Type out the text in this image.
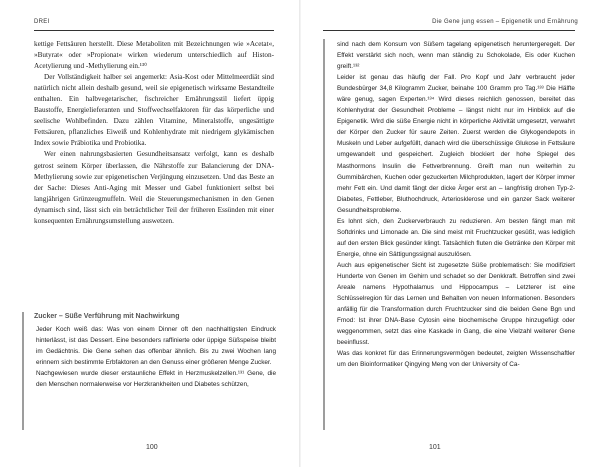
DREI

kettige Fettsäuren herstellt. Diese Metaboliten mit Bezeichnungen wie »Acetat«, »Butyrat« oder »Propionat« wirken wiederum unterschiedlich auf Histon-Acetylierung und -Methylierung ein.¹³⁰

Der Vollständigkeit halber sei angemerkt: Asia-Kost oder Mittelmeerdiät sind natürlich nicht allein deshalb gesund, weil sie epigenetisch wirksame Bestandteile enthalten. Ein halbvegetarischer, fischreicher Ernährungsstil liefert üppig Baustoffe, Energielieferanten und Stoffwechselfaktoren für das körperliche und seelische Wohlbefinden. Dazu zählen Vitamine, Mineralstoffe, ungesättigte Fettsäuren, pflanzliches Eiweiß und Kohlenhydrate mit niedrigem glykämischen Index sowie Präbiotika und Probiotika.

Wer einen nahrungsbasierten Gesundheitsansatz verfolgt, kann es deshalb getrost seinem Körper überlassen, die Nährstoffe zur Balancierung der DNA-Methylierung sowie zur epigenetischen Verjüngung einzusetzen. Und das Beste an der Sache: Dieses Anti-Aging mit Messer und Gabel funktioniert selbst bei langjährigen Grünzeugmuffeln. Weil die Steuerungsmechanismen in den Genen dynamisch sind, lässt sich ein beträchtlicher Teil der früheren Essünden mit einer konsequenten Ernährungsumstellung auswetzen.

Zucker – Süße Verführung mit Nachwirkung

Jeder Koch weiß das: Was von einem Dinner oft den nachhaltigsten Eindruck hinterlässt, ist das Dessert. Eine besonders raffinierte oder üppige Süßspeise bleibt im Gedächtnis. Die Gene sehen das offenbar ähnlich. Bis zu zwei Wochen lang erinnern sich bestimmte Erbfaktoren an den Genuss einer größeren Menge Zucker.

Nachgewiesen wurde dieser erstaunliche Effekt in Herzmuskelzellen.¹³¹ Gene, die den Menschen normalerweise vor Herzkrankheiten und Diabetes schützen,

100
Die Gene jung essen – Epigenetik und Ernährung

sind nach dem Konsum von Süßem tagelang epigenetisch heruntergeregelt. Der Effekt verstärkt sich noch, wenn man ständig zu Schokolade, Eis oder Kuchen greift.¹³²

Leider ist genau das häufig der Fall. Pro Kopf und Jahr verbraucht jeder Bundesbürger 34,8 Kilogramm Zucker, beinahe 100 Gramm pro Tag.¹³³ Die Hälfte wäre genug, sagen Experten.¹³⁴ Wird dieses reichlich genossen, bereitet das Kohlenhydrat der Gesundheit Probleme – längst nicht nur im Hinblick auf die Epigenetik. Wird die süße Energie nicht in körperliche Aktivität umgesetzt, verwahrt der Körper den Zucker für saure Zeiten. Zuerst werden die Glykogendepots in Muskeln und Leber aufgefüllt, danach wird die überschüssige Glukose in Fettsäure umgewandelt und gespeichert. Zugleich blockiert der hohe Spiegel des Masthormons Insulin die Fettverbrennung. Greift man nun weiterhin zu Gummibärchen, Kuchen oder gezuckerten Milchprodukten, lagert der Körper immer mehr Fett ein. Und damit fängt der dicke Ärger erst an – langfristig drohen Typ-2-Diabetes, Fettleber, Bluthochdruck, Arteriosklerose und ein ganzer Sack weiterer Gesundheitsprobleme.

Es lohnt sich, den Zuckerverbrauch zu reduzieren. Am besten fängt man mit Softdrinks und Limonade an. Die sind meist mit Fruchtzucker gesüßt, was lediglich auf den ersten Blick gesünder klingt. Tatsächlich fluten die Getränke den Körper mit Energie, ohne ein Sättigungssignal auszulösen.

Auch aus epigenetischer Sicht ist zugesetzte Süße problematisch: Sie modifiziert Hunderte von Genen im Gehirn und schadet so der Denkkraft. Betroffen sind zwei Areale namens Hypothalamus und Hippocampus – Letzterer ist eine Schlüsselregion für das Lernen und Behalten von neuen Informationen. Besonders anfällig für die Transformation durch Fruchtzucker sind die beiden Gene Bgn und Fmod: Ist ihrer DNA-Base Cytosin eine biochemische Gruppe hinzugefügt oder weggenommen, setzt das eine Kaskade in Gang, die eine Vielzahl weiterer Gene beeinflusst.

Was das konkret für das Erinnerungsvermögen bedeutet, zeigten Wissenschaftler um den Bioinformatiker Qingying Meng von der University of Ca-

101
